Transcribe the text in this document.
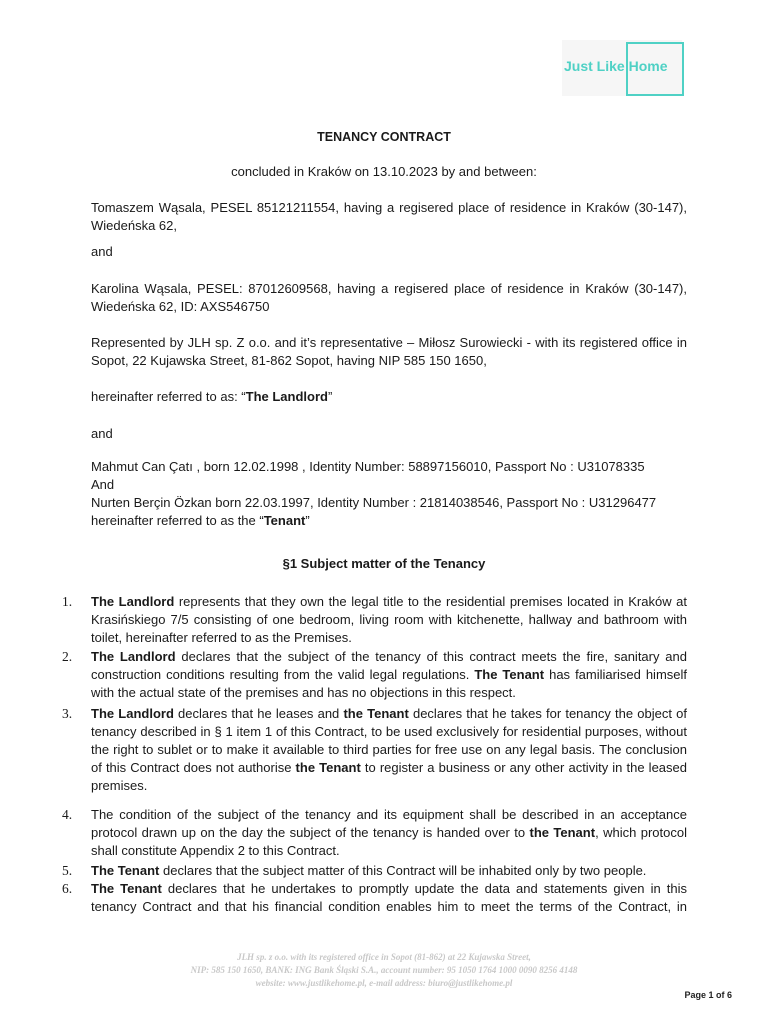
Just Like Home
TENANCY CONTRACT
concluded in Kraków on 13.10.2023 by and between:
Tomaszem Wąsala, PESEL 85121211554, having a regisered place of residence in Kraków (30-147),
Wiedeńska 62,
and
Karolina Wąsala, PESEL: 87012609568, having a regisered place of residence in Kraków (30-147),
Wiedeńska 62, ID: AXS546750
Represented by JLH sp. Z o.o. and it’s representative – Miłosz Surowiecki - with its registered office in
Sopot, 22 Kujawska Street, 81-862 Sopot, having NIP 585 150 1650,
hereinafter referred to as: “The Landlord”
and
Mahmut Can Çatı , born 12.02.1998 , Identity Number: 58897156010, Passport No : U31078335
And
Nurten Berçin Özkan born 22.03.1997, Identity Number : 21814038546, Passport No : U31296477
hereinafter referred to as the “Tenant”
§1 Subject matter of the Tenancy
1. The Landlord represents that they own the legal title to the residential premises located in Kraków at
Krasińskiego 7/5 consisting of one bedroom, living room with kitchenette, hallway and bathroom with
toilet, hereinafter referred to as the Premises.
2. The Landlord declares that the subject of the tenancy of this contract meets the fire, sanitary and
construction conditions resulting from the valid legal regulations. The Tenant has familiarised himself
with the actual state of the premises and has no objections in this respect.
3. The Landlord declares that he leases and the Tenant declares that he takes for tenancy the object of
tenancy described in § 1 item 1 of this Contract, to be used exclusively for residential purposes, without
the right to sublet or to make it available to third parties for free use on any legal basis. The conclusion
of this Contract does not authorise the Tenant to register a business or any other activity in the leased
premises.
4. The condition of the subject of the tenancy and its equipment shall be described in an acceptance
protocol drawn up on the day the subject of the tenancy is handed over to the Tenant, which protocol
shall constitute Appendix 2 to this Contract.
5. The Tenant declares that the subject matter of this Contract will be inhabited only by two people.
6. The Tenant declares that he undertakes to promptly update the data and statements given in this
tenancy Contract and that his financial condition enables him to meet the terms of the Contract, in
JLH sp. z o.o. with its registered office in Sopot (81-862) at 22 Kujawska Street,
NIP: 585 150 1650, BANK: ING Bank Śląski S.A., account number: 95 1050 1764 1000 0090 8256 4148
website: www.justlikehome.pl, e-mail address: biuro@justlikehome.pl
Page 1 of 6
